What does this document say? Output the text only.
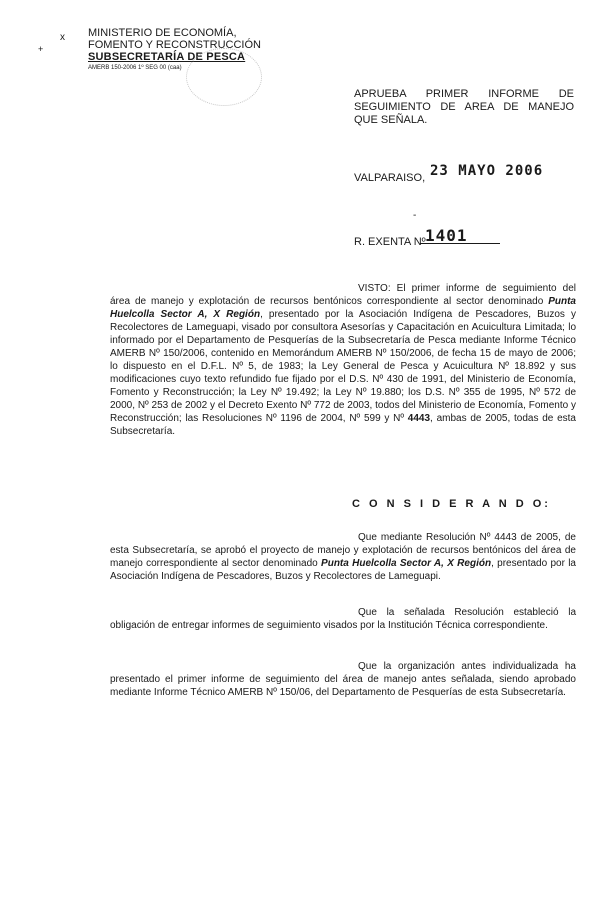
x
+
MINISTERIO DE ECONOMÍA,
FOMENTO Y RECONSTRUCCIÓN
SUBSECRETARÍA DE PESCA
AMERB 150-2006 1º SEG 00 (caa)
APRUEBA PRIMER INFORME DE SEGUIMIENTO DE AREA DE MANEJO QUE SEÑALA.
VALPARAISO, 23 MAYO 2006
-
R. EXENTA Nº 1401
VISTO: El primer informe de seguimiento del área de manejo y explotación de recursos bentónicos correspondiente al sector denominado Punta Huelcolla Sector A, X Región, presentado por la Asociación Indígena de Pescadores, Buzos y Recolectores de Lameguapi, visado por consultora Asesorías y Capacitación en Acuicultura Limitada; lo informado por el Departamento de Pesquerías de la Subsecretaría de Pesca mediante Informe Técnico AMERB Nº 150/2006, contenido en Memorándum AMERB Nº 150/2006, de fecha 15 de mayo de 2006; lo dispuesto en el D.F.L. Nº 5, de 1983; la Ley General de Pesca y Acuicultura Nº 18.892 y sus modificaciones cuyo texto refundido fue fijado por el D.S. Nº 430 de 1991, del Ministerio de Economía, Fomento y Reconstrucción; la Ley Nº 19.492; la Ley Nº 19.880; los D.S. Nº 355 de 1995, Nº 572 de 2000, Nº 253 de 2002 y el Decreto Exento Nº 772 de 2003, todos del Ministerio de Economía, Fomento y Reconstrucción; las Resoluciones Nº 1196 de 2004, Nº 599 y Nº 4443, ambas de 2005, todas de esta Subsecretaría.
C O N S I D E R A N D O:
Que mediante Resolución Nº 4443 de 2005, de esta Subsecretaría, se aprobó el proyecto de manejo y explotación de recursos bentónicos del área de manejo correspondiente al sector denominado Punta Huelcolla Sector A, X Región, presentado por la Asociación Indígena de Pescadores, Buzos y Recolectores de Lameguapi.
Que la señalada Resolución estableció la obligación de entregar informes de seguimiento visados por la Institución Técnica correspondiente.
Que la organización antes individualizada ha presentado el primer informe de seguimiento del área de manejo antes señalada, siendo aprobado mediante Informe Técnico AMERB Nº 150/06, del Departamento de Pesquerías de esta Subsecretaría.
